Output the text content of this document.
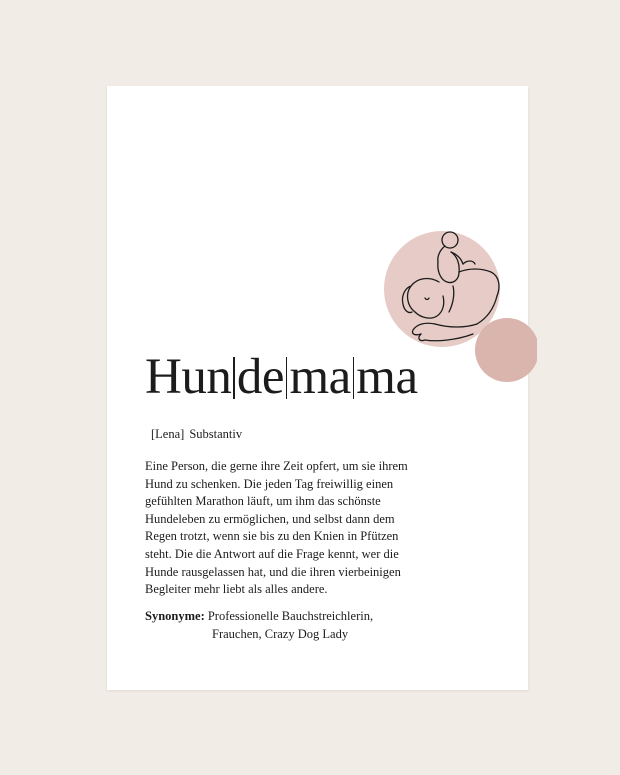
Hun de ma ma
[Lena] Substantiv
Eine Person, die gerne ihre Zeit opfert, um sie ihrem
Hund zu schenken. Die jeden Tag freiwillig einen
gefühlten Marathon läuft, um ihm das schönste
Hundeleben zu ermöglichen, und selbst dann dem
Regen trotzt, wenn sie bis zu den Knien in Pfützen
steht. Die die Antwort auf die Frage kennt, wer die
Hunde rausgelassen hat, und die ihren vierbeinigen
Begleiter mehr liebt als alles andere.
Synonyme: Professionelle Bauchstreichlerin,
Frauchen, Crazy Dog Lady
